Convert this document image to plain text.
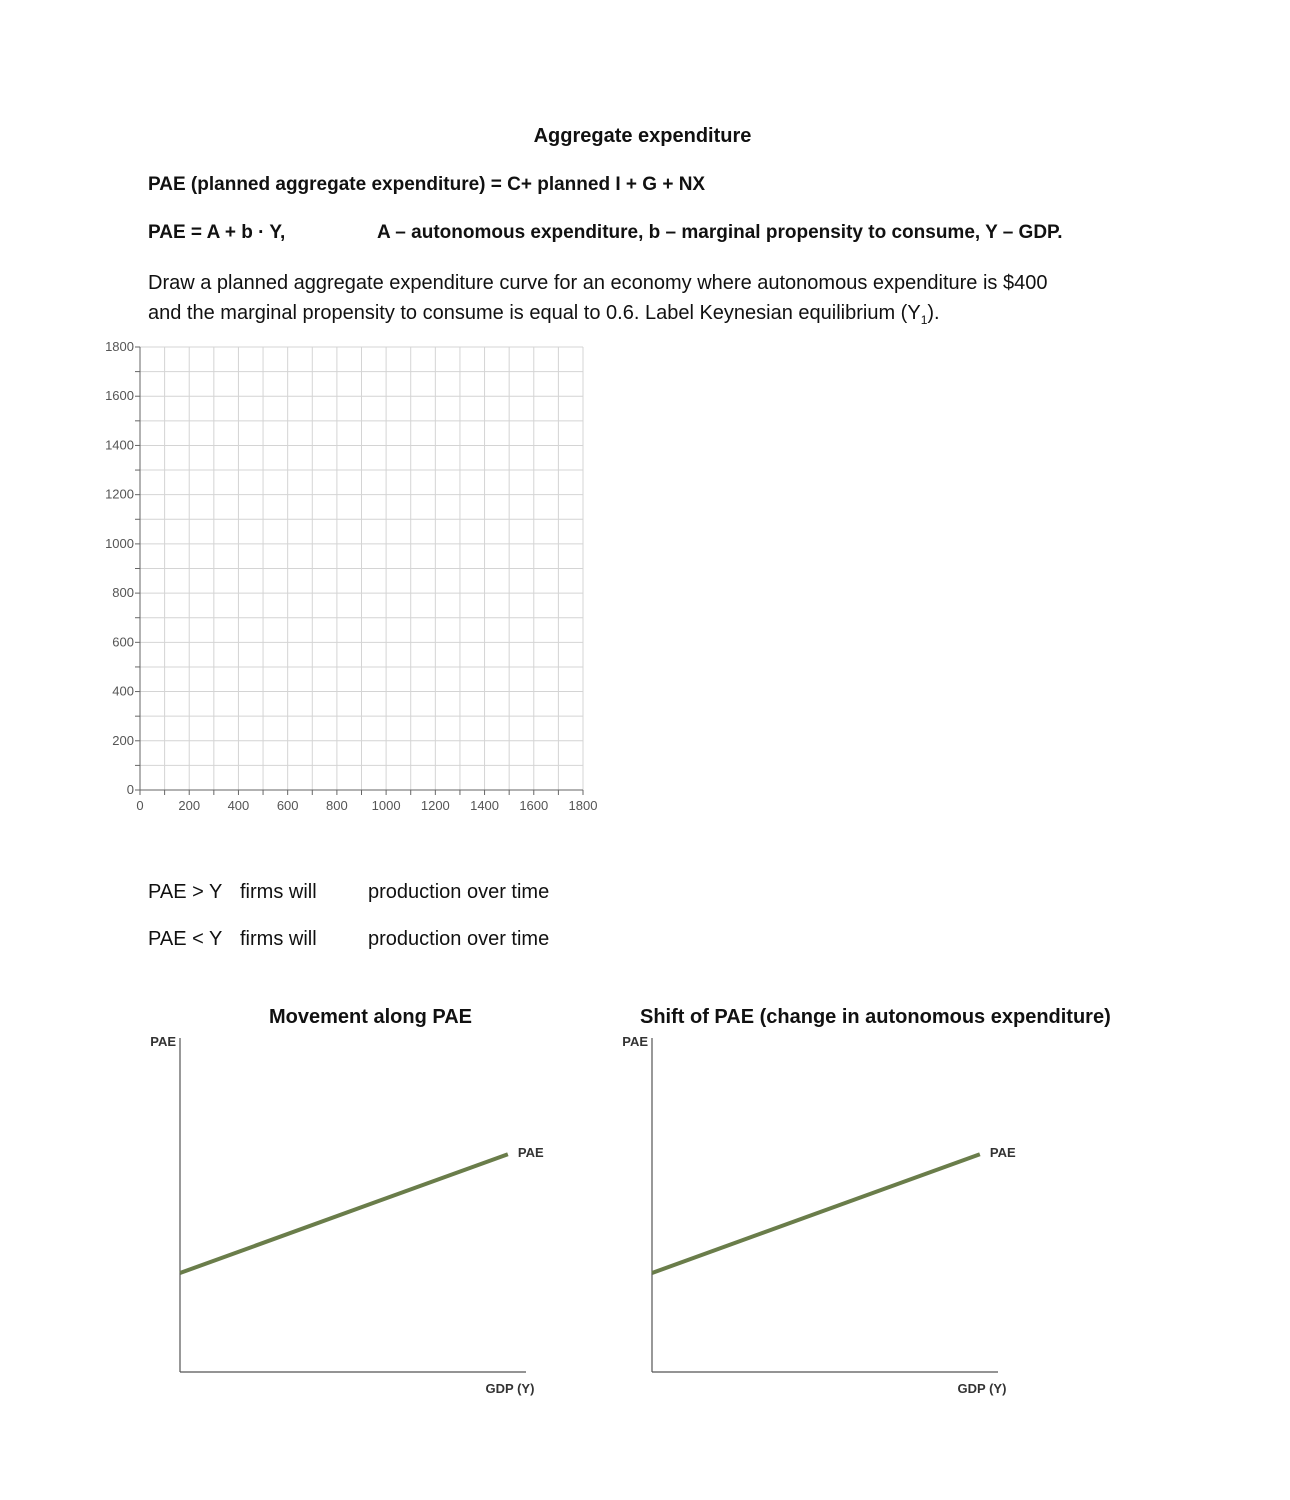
Aggregate expenditure
PAE (planned aggregate expenditure) = C+ planned I + G + NX
PAE = A + b · Y,	A – autonomous expenditure, b – marginal propensity to consume, Y – GDP.
Draw a planned aggregate expenditure curve for an economy where autonomous expenditure is $400
and the marginal propensity to consume is equal to 0.6. Label Keynesian equilibrium $(Y_1)$.
0	200 400 600 800 1000 1200 1400 1600 1800
0
200
400
600
800
1000
1200
1400
1600
1800
PAE > Y firms will	production over time
PAE < Y firms will	production over time
Movement along PAE	Shift of PAE (change in autonomous expenditure)
PAE
GDP (Y)
PAE
PAE
GDP (Y)
PAE
